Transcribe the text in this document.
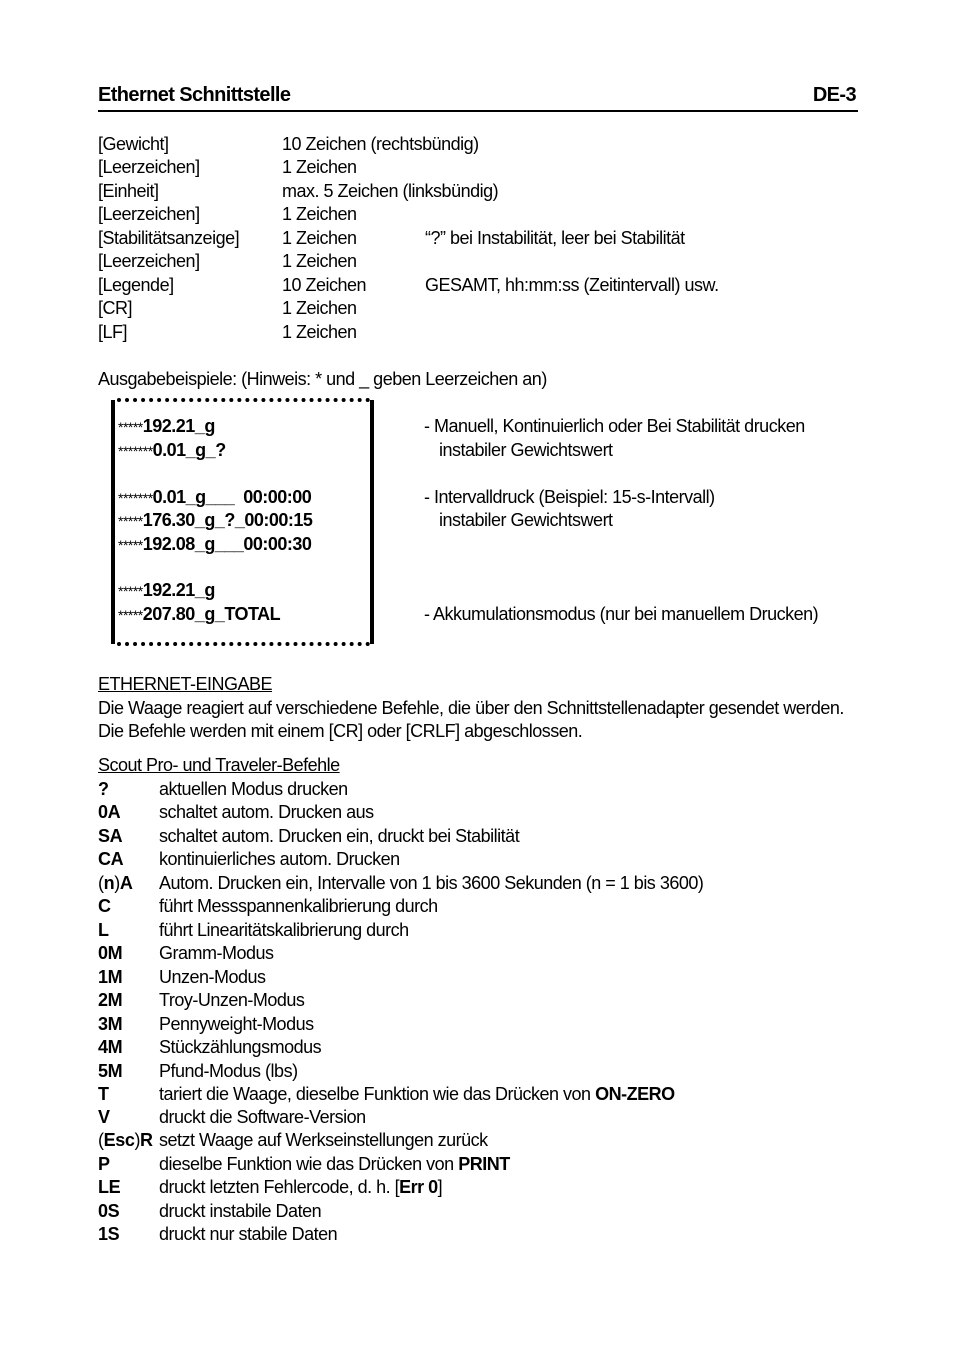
Ethernet Schnittstelle	DE-3
[Gewicht]	10 Zeichen (rechtsbündig)
[Leerzeichen]	1 Zeichen
[Einheit]	max. 5 Zeichen (linksbündig)
[Leerzeichen]	1 Zeichen
[Stabilitätsanzeige] 1 Zeichen	“?” bei Instabilität, leer bei Stabilität
[Leerzeichen]	1 Zeichen
[Legende]	10 Zeichen	GESAMT, hh:mm:ss (Zeitintervall) usw.
[CR]	1 Zeichen
[LF]	1 Zeichen
Ausgabebeispiele: (Hinweis: * und _ geben Leerzeichen an)
*****192.21_g
*******0.01_g_?
*******0.01_g___  00:00:00
*****176.30_g_?_00:00:15
*****192.08_g___00:00:30
*****192.21_g
*****207.80_g_TOTAL
- Manuell, Kontinuierlich oder Bei Stabilität drucken
instabiler Gewichtswert
- Intervalldruck (Beispiel: 15-s-Intervall)
instabiler Gewichtswert
- Akkumulationsmodus (nur bei manuellem Drucken)
ETHERNET-EINGABE
Die Waage reagiert auf verschiedene Befehle, die über den Schnittstellenadapter gesendet werden.
Die Befehle werden mit einem [CR] oder [CRLF] abgeschlossen.
Scout Pro- und Traveler-Befehle
?	aktuellen Modus drucken
0A schaltet autom. Drucken aus
SA schaltet autom. Drucken ein, druckt bei Stabilität
CA kontinuierliches autom. Drucken
(n)A Autom. Drucken ein, Intervalle von 1 bis 3600 Sekunden (n = 1 bis 3600)
C	führt Messspannenkalibrierung durch
L	führt Linearitätskalibrierung durch
0M Gramm-Modus
1M Unzen-Modus
2M Troy-Unzen-Modus
3M Pennyweight-Modus
4M Stückzählungsmodus
5M Pfund-Modus (lbs)
T	tariert die Waage, dieselbe Funktion wie das Drücken von ON-ZERO
V	druckt die Software-Version
(Esc)R setzt Waage auf Werkseinstellungen zurück
P	dieselbe Funktion wie das Drücken von PRINT
LE druckt letzten Fehlercode, d. h. [Err 0]
0S druckt instabile Daten
1S druckt nur stabile Daten
